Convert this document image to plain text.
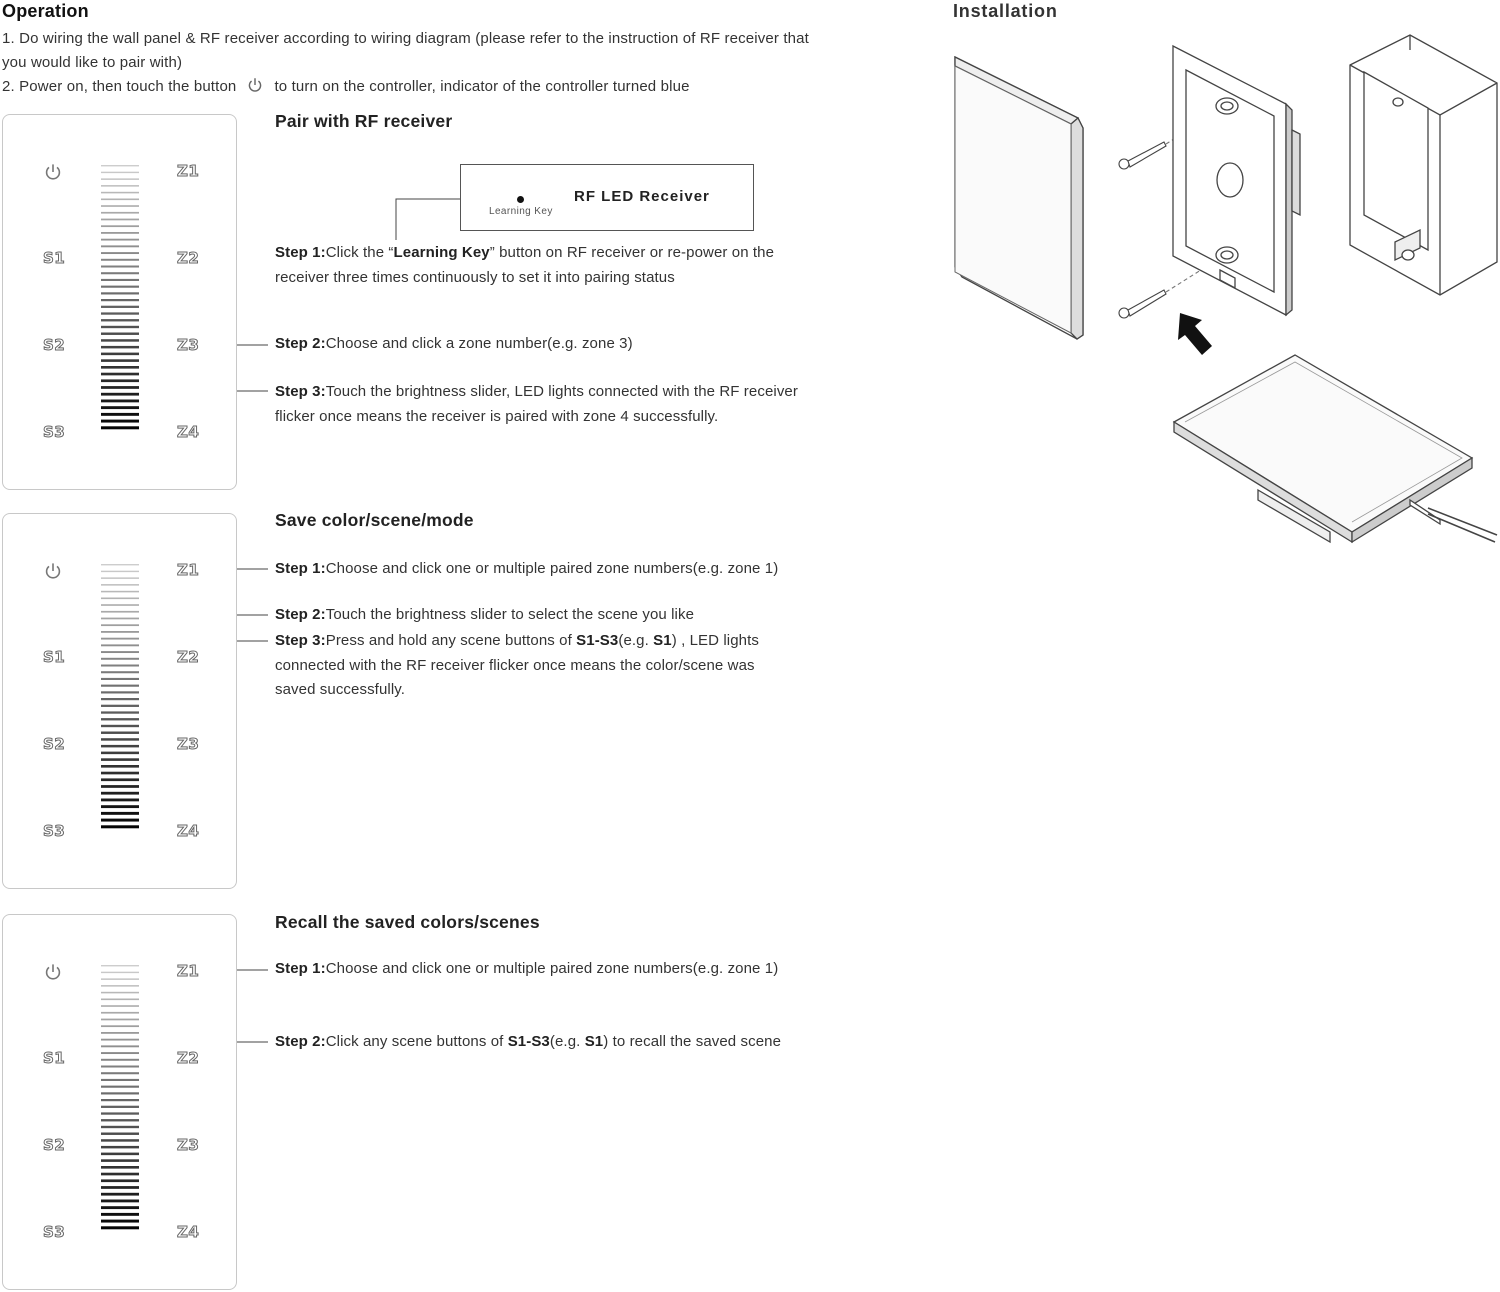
Operation
1. Do wiring the wall panel & RF receiver according to wiring diagram (please refer to the instruction of RF receiver that
you would like to pair with)
2. Power on, then touch the button	to turn on the controller, indicator of the controller turned blue
Installation
S1
S2
S3
Z1
Z2
Z3
Z4
S1
S2
S3
Z1
Z2
Z3
Z4
S1
S2
S3
Z1
Z2
Z3
Z4
Pair with RF receiver
RF LED Receiver
Learning Key
Step 1:Click the “Learning Key” button on RF receiver or re-power on the
receiver three times continuously to set it into pairing status
Step 2:Choose and click a zone number(e.g. zone 3)
Step 3:Touch the brightness slider, LED lights connected with the RF receiver
flicker once means the receiver is paired with zone 4 successfully.
Save color/scene/mode
Step 1:Choose and click one or multiple paired zone numbers(e.g. zone 1)
Step 2:Touch the brightness slider to select the scene you like
Step 3:Press and hold any scene buttons of S1-S3(e.g. S1) , LED lights
connected with the RF receiver flicker once means the color/scene was
saved successfully.
Recall the saved colors/scenes
Step 1:Choose and click one or multiple paired zone numbers(e.g. zone 1)
Step 2:Click any scene buttons of S1-S3(e.g. S1) to recall the saved scene
